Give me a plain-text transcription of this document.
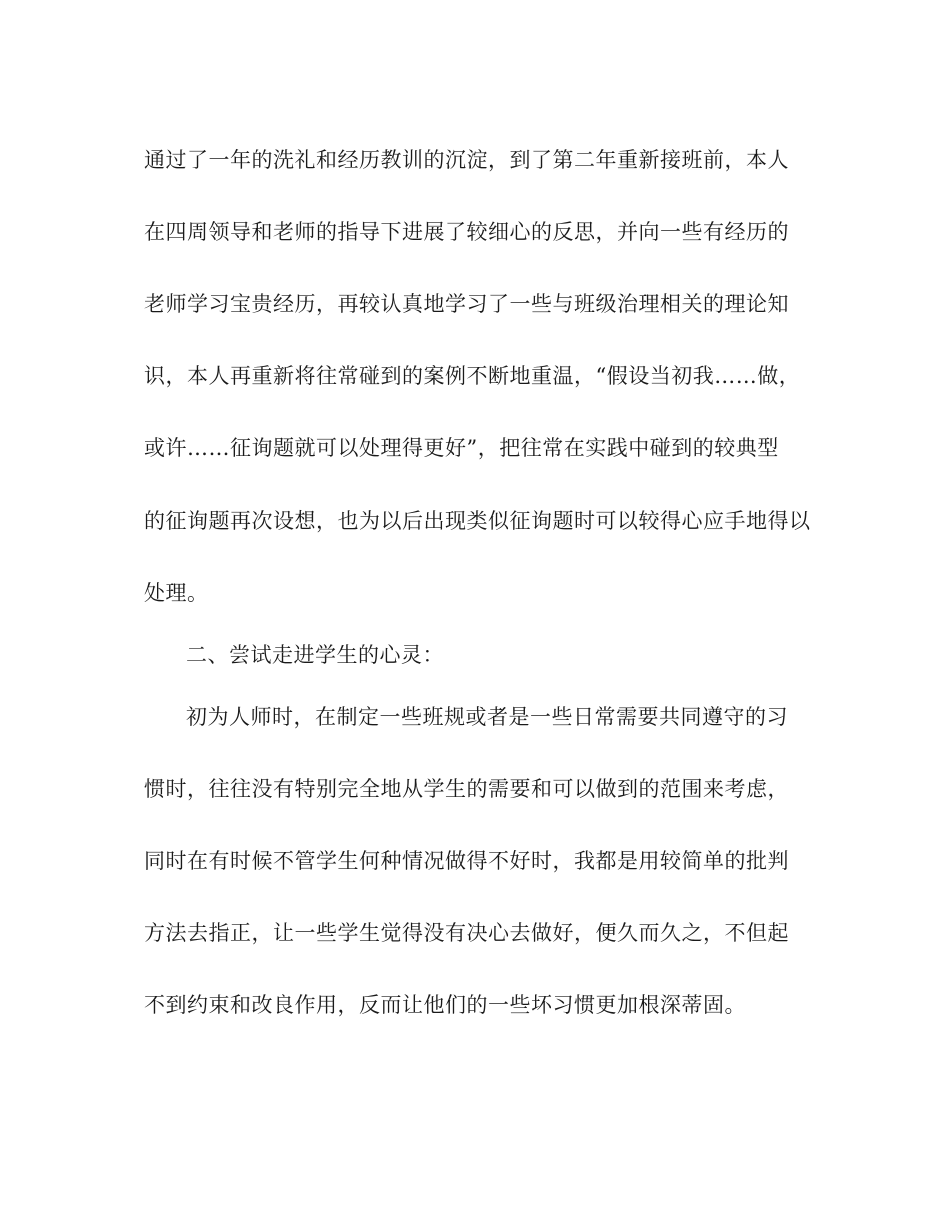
通过了一年的洗礼和经历教训的沉淀，到了第二年重新接班前，本人
在四周领导和老师的指导下进展了较细心的反思，并向一些有经历的
老师学习宝贵经历，再较认真地学习了一些与班级治理相关的理论知
识，本人再重新将往常碰到的案例不断地重温，“假设当初我……做，
或许……征询题就可以处理得更好”，把往常在实践中碰到的较典型
的征询题再次设想，也为以后出现类似征询题时可以较得心应手地得以
处理。
二、尝试走进学生的心灵：
初为人师时，在制定一些班规或者是一些日常需要共同遵守的习
惯时，往往没有特别完全地从学生的需要和可以做到的范围来考虑，
同时在有时候不管学生何种情况做得不好时，我都是用较简单的批判
方法去指正，让一些学生觉得没有决心去做好，便久而久之，不但起
不到约束和改良作用，反而让他们的一些坏习惯更加根深蒂固。
